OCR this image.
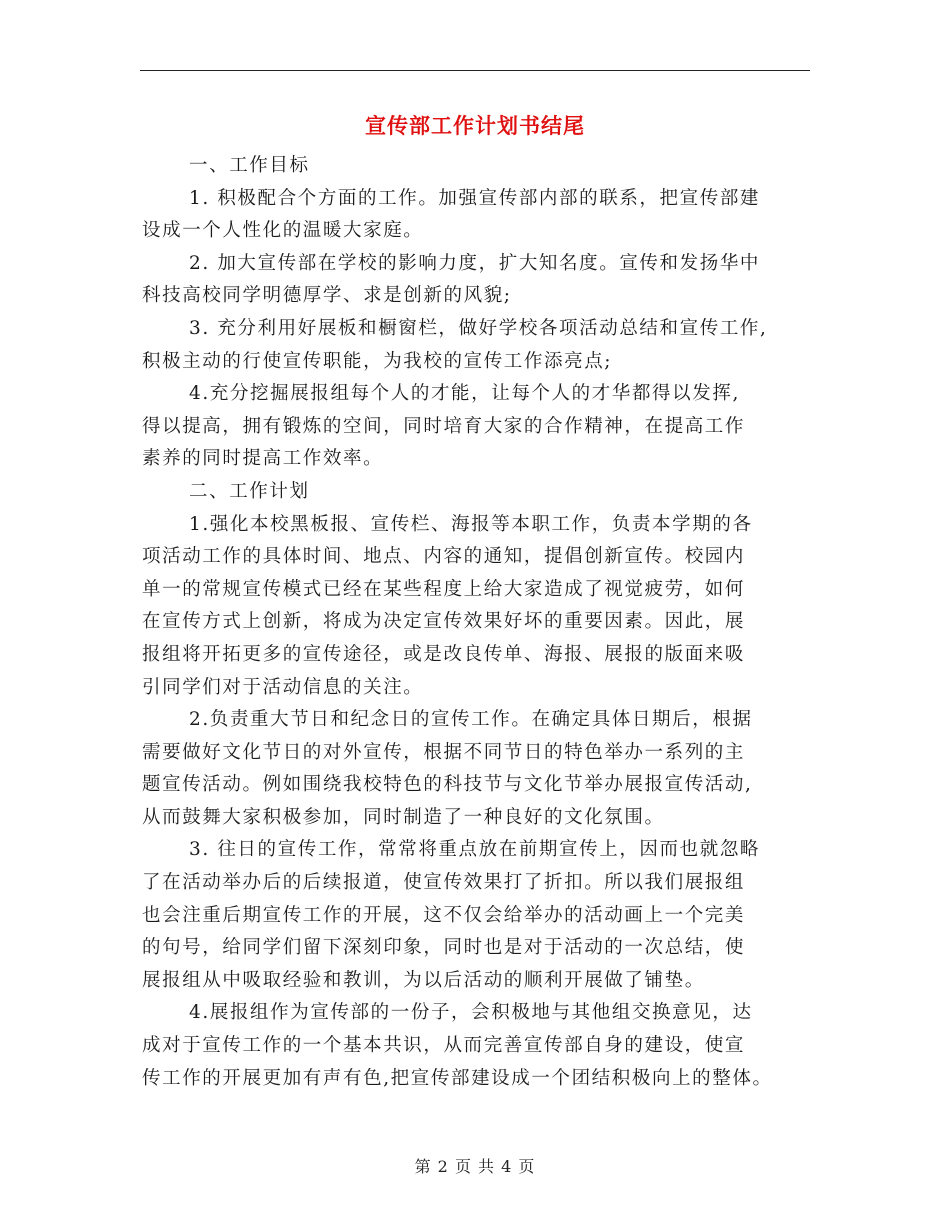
宣传部工作计划书结尾
一、工作目标
1. 积极配合个方面的工作。加强宣传部内部的联系，把宣传部建
设成一个人性化的温暖大家庭。
2. 加大宣传部在学校的影响力度，扩大知名度。宣传和发扬华中
科技高校同学明德厚学、求是创新的风貌;
3. 充分利用好展板和橱窗栏，做好学校各项活动总结和宣传工作,
积极主动的行使宣传职能，为我校的宣传工作添亮点;
4.充分挖掘展报组每个人的才能，让每个人的才华都得以发挥,
得以提高，拥有锻炼的空间，同时培育大家的合作精神，在提高工作
素养的同时提高工作效率。
二、工作计划
1.强化本校黑板报、宣传栏、海报等本职工作，负责本学期的各
项活动工作的具体时间、地点、内容的通知，提倡创新宣传。校园内
单一的常规宣传模式已经在某些程度上给大家造成了视觉疲劳，如何
在宣传方式上创新，将成为决定宣传效果好坏的重要因素。因此，展
报组将开拓更多的宣传途径，或是改良传单、海报、展报的版面来吸
引同学们对于活动信息的关注。
2.负责重大节日和纪念日的宣传工作。在确定具体日期后，根据
需要做好文化节日的对外宣传，根据不同节日的特色举办一系列的主
题宣传活动。例如围绕我校特色的科技节与文化节举办展报宣传活动,
从而鼓舞大家积极参加，同时制造了一种良好的文化氛围。
3. 往日的宣传工作，常常将重点放在前期宣传上，因而也就忽略
了在活动举办后的后续报道，使宣传效果打了折扣。所以我们展报组
也会注重后期宣传工作的开展，这不仅会给举办的活动画上一个完美
的句号，给同学们留下深刻印象，同时也是对于活动的一次总结，使
展报组从中吸取经验和教训，为以后活动的顺利开展做了铺垫。
4.展报组作为宣传部的一份子，会积极地与其他组交换意见，达
成对于宣传工作的一个基本共识，从而完善宣传部自身的建设，使宣
传工作的开展更加有声有色,把宣传部建设成一个团结积极向上的整体。
第 2 页 共 4 页
